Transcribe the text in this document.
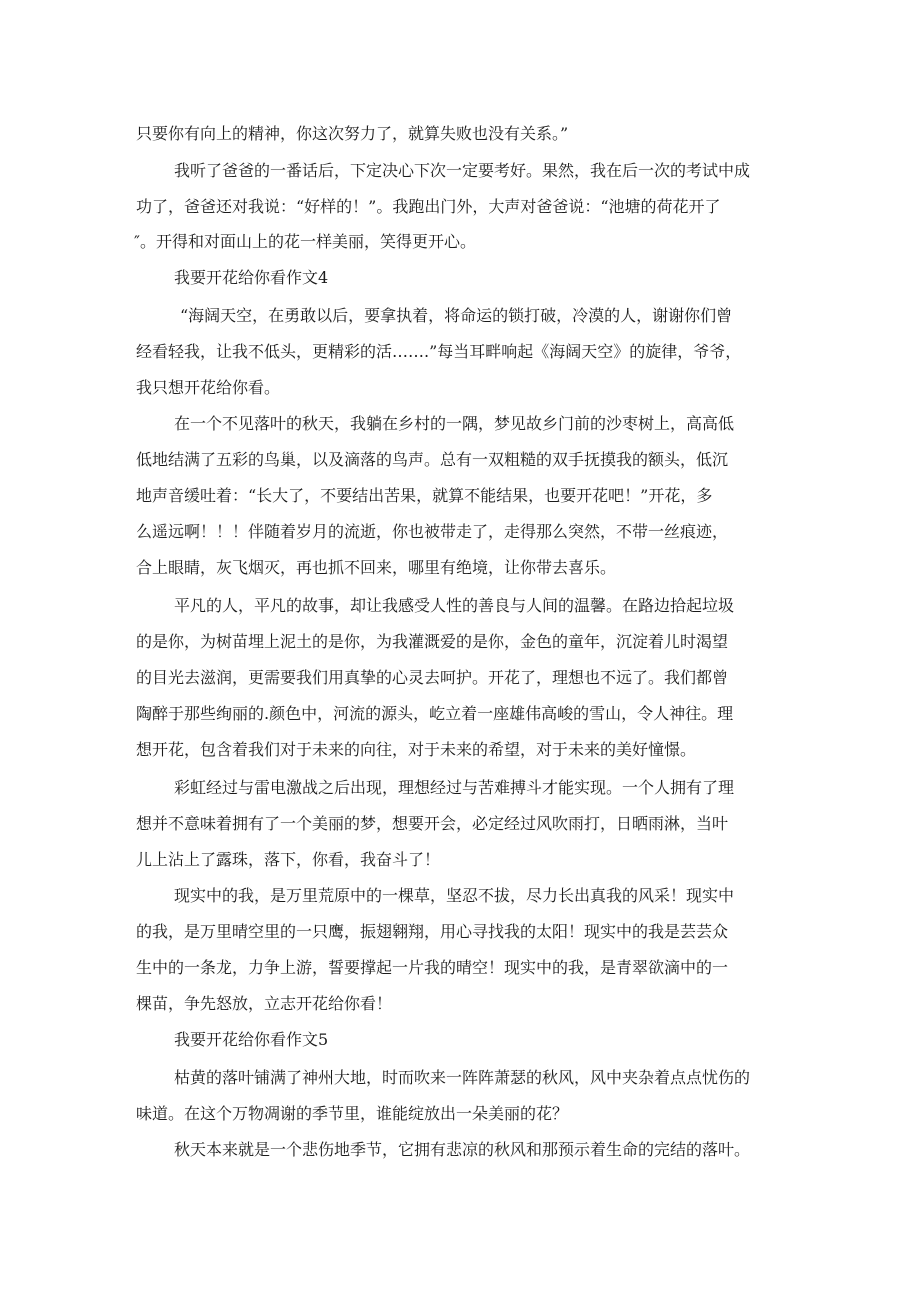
只要你有向上的精神，你这次努力了，就算失败也没有关系。”
我听了爸爸的一番话后，下定决心下次一定要考好。果然，我在后一次的考试中成
功了，爸爸还对我说：“好样的！”。我跑出门外，大声对爸爸说：“池塘的荷花开了
″。开得和对面山上的花一样美丽，笑得更开心。
我要开花给你看作文4
“海阔天空，在勇敢以后，要拿执着，将命运的锁打破，冷漠的人，谢谢你们曾
经看轻我，让我不低头，更精彩的活…….”每当耳畔响起《海阔天空》的旋律，爷爷，
我只想开花给你看。
在一个不见落叶的秋天，我躺在乡村的一隅，梦见故乡门前的沙枣树上，高高低
低地结满了五彩的鸟巢，以及滴落的鸟声。总有一双粗糙的双手抚摸我的额头，低沉
地声音缓吐着：“长大了，不要结出苦果，就算不能结果，也要开花吧！”开花，多
么遥远啊！！！伴随着岁月的流逝，你也被带走了，走得那么突然，不带一丝痕迹，
合上眼睛，灰飞烟灭，再也抓不回来，哪里有绝境，让你带去喜乐。
平凡的人，平凡的故事，却让我感受人性的善良与人间的温馨。在路边拾起垃圾
的是你，为树苗埋上泥土的是你，为我灌溉爱的是你，金色的童年，沉淀着儿时渴望
的目光去滋润，更需要我们用真挚的心灵去呵护。开花了，理想也不远了。我们都曾
陶醉于那些绚丽的.颜色中，河流的源头，屹立着一座雄伟高峻的雪山，令人神往。理
想开花，包含着我们对于未来的向往，对于未来的希望，对于未来的美好憧憬。
彩虹经过与雷电激战之后出现，理想经过与苦难搏斗才能实现。一个人拥有了理
想并不意味着拥有了一个美丽的梦，想要开会，必定经过风吹雨打，日晒雨淋，当叶
儿上沾上了露珠，落下，你看，我奋斗了！
现实中的我，是万里荒原中的一棵草，坚忍不拔，尽力长出真我的风采！现实中
的我，是万里晴空里的一只鹰，振翅翱翔，用心寻找我的太阳！现实中的我是芸芸众
生中的一条龙，力争上游，誓要撑起一片我的晴空！现实中的我，是青翠欲滴中的一
棵苗，争先怒放，立志开花给你看！
我要开花给你看作文5
枯黄的落叶铺满了神州大地，时而吹来一阵阵萧瑟的秋风，风中夹杂着点点忧伤的
味道。在这个万物凋谢的季节里，谁能绽放出一朵美丽的花？
秋天本来就是一个悲伤地季节，它拥有悲凉的秋风和那预示着生命的完结的落叶。
